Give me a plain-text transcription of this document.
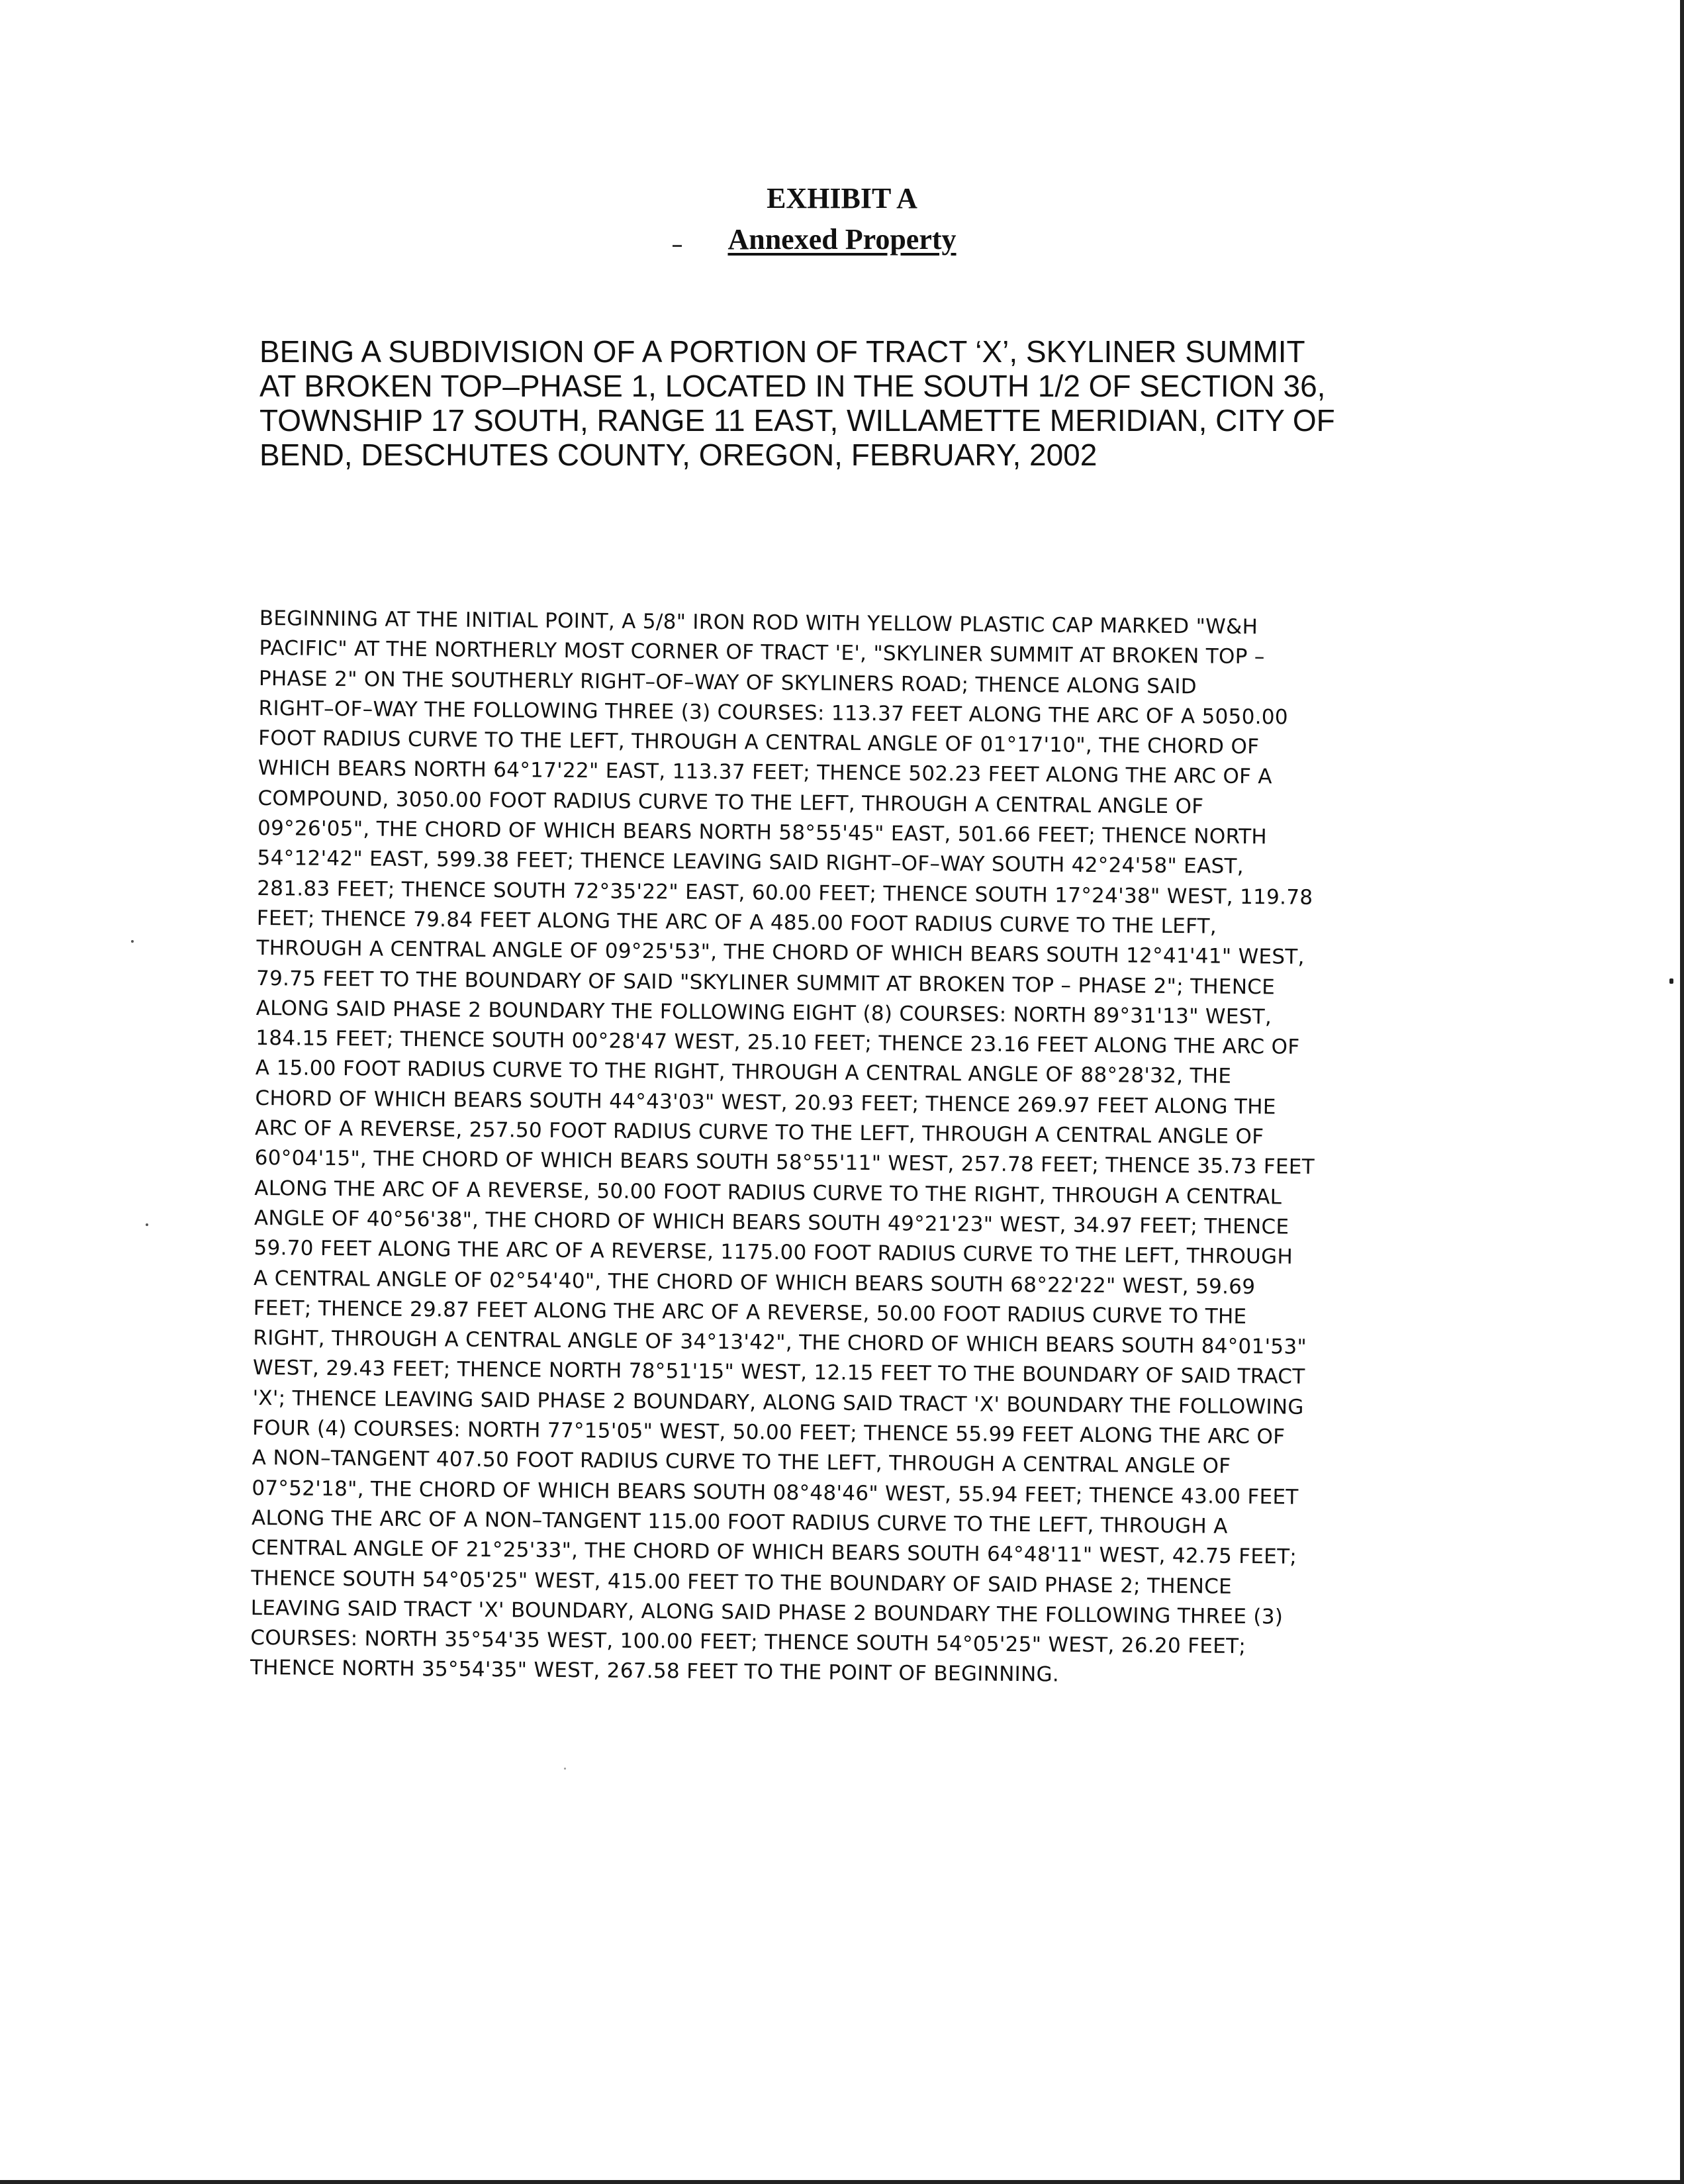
EXHIBIT A
Annexed Property
BEING A SUBDIVISION OF A PORTION OF TRACT ‘X’, SKYLINER SUMMIT
AT BROKEN TOP–PHASE 1, LOCATED IN THE SOUTH 1/2 OF SECTION 36,
TOWNSHIP 17 SOUTH, RANGE 11 EAST, WILLAMETTE MERIDIAN, CITY OF
BEND, DESCHUTES COUNTY, OREGON, FEBRUARY, 2002
BEGINNING AT THE INITIAL POINT, A 5/8" IRON ROD WITH YELLOW PLASTIC CAP MARKED "W&H
PACIFIC" AT THE NORTHERLY MOST CORNER OF TRACT 'E', "SKYLINER SUMMIT AT BROKEN TOP –
PHASE 2" ON THE SOUTHERLY RIGHT–OF–WAY OF SKYLINERS ROAD; THENCE ALONG SAID
RIGHT–OF–WAY THE FOLLOWING THREE (3) COURSES: 113.37 FEET ALONG THE ARC OF A 5050.00
FOOT RADIUS CURVE TO THE LEFT, THROUGH A CENTRAL ANGLE OF 01°17'10", THE CHORD OF
WHICH BEARS NORTH 64°17'22" EAST, 113.37 FEET; THENCE 502.23 FEET ALONG THE ARC OF A
COMPOUND, 3050.00 FOOT RADIUS CURVE TO THE LEFT, THROUGH A CENTRAL ANGLE OF
09°26'05", THE CHORD OF WHICH BEARS NORTH 58°55'45" EAST, 501.66 FEET; THENCE NORTH
54°12'42" EAST, 599.38 FEET; THENCE LEAVING SAID RIGHT–OF–WAY SOUTH 42°24'58" EAST,
281.83 FEET; THENCE SOUTH 72°35'22" EAST, 60.00 FEET; THENCE SOUTH 17°24'38" WEST, 119.78
FEET; THENCE 79.84 FEET ALONG THE ARC OF A 485.00 FOOT RADIUS CURVE TO THE LEFT,
THROUGH A CENTRAL ANGLE OF 09°25'53", THE CHORD OF WHICH BEARS SOUTH 12°41'41" WEST,
79.75 FEET TO THE BOUNDARY OF SAID "SKYLINER SUMMIT AT BROKEN TOP – PHASE 2"; THENCE
ALONG SAID PHASE 2 BOUNDARY THE FOLLOWING EIGHT (8) COURSES: NORTH 89°31'13" WEST,
184.15 FEET; THENCE SOUTH 00°28'47 WEST, 25.10 FEET; THENCE 23.16 FEET ALONG THE ARC OF
A 15.00 FOOT RADIUS CURVE TO THE RIGHT, THROUGH A CENTRAL ANGLE OF 88°28'32, THE
CHORD OF WHICH BEARS SOUTH 44°43'03" WEST, 20.93 FEET; THENCE 269.97 FEET ALONG THE
ARC OF A REVERSE, 257.50 FOOT RADIUS CURVE TO THE LEFT, THROUGH A CENTRAL ANGLE OF
60°04'15", THE CHORD OF WHICH BEARS SOUTH 58°55'11" WEST, 257.78 FEET; THENCE 35.73 FEET
ALONG THE ARC OF A REVERSE, 50.00 FOOT RADIUS CURVE TO THE RIGHT, THROUGH A CENTRAL
ANGLE OF 40°56'38", THE CHORD OF WHICH BEARS SOUTH 49°21'23" WEST, 34.97 FEET; THENCE
59.70 FEET ALONG THE ARC OF A REVERSE, 1175.00 FOOT RADIUS CURVE TO THE LEFT, THROUGH
A CENTRAL ANGLE OF 02°54'40", THE CHORD OF WHICH BEARS SOUTH 68°22'22" WEST, 59.69
FEET; THENCE 29.87 FEET ALONG THE ARC OF A REVERSE, 50.00 FOOT RADIUS CURVE TO THE
RIGHT, THROUGH A CENTRAL ANGLE OF 34°13'42", THE CHORD OF WHICH BEARS SOUTH 84°01'53"
WEST, 29.43 FEET; THENCE NORTH 78°51'15" WEST, 12.15 FEET TO THE BOUNDARY OF SAID TRACT
'X'; THENCE LEAVING SAID PHASE 2 BOUNDARY, ALONG SAID TRACT 'X' BOUNDARY THE FOLLOWING
FOUR (4) COURSES: NORTH 77°15'05" WEST, 50.00 FEET; THENCE 55.99 FEET ALONG THE ARC OF
A NON–TANGENT 407.50 FOOT RADIUS CURVE TO THE LEFT, THROUGH A CENTRAL ANGLE OF
07°52'18", THE CHORD OF WHICH BEARS SOUTH 08°48'46" WEST, 55.94 FEET; THENCE 43.00 FEET
ALONG THE ARC OF A NON–TANGENT 115.00 FOOT RADIUS CURVE TO THE LEFT, THROUGH A
CENTRAL ANGLE OF 21°25'33", THE CHORD OF WHICH BEARS SOUTH 64°48'11" WEST, 42.75 FEET;
THENCE SOUTH 54°05'25" WEST, 415.00 FEET TO THE BOUNDARY OF SAID PHASE 2; THENCE
LEAVING SAID TRACT 'X' BOUNDARY, ALONG SAID PHASE 2 BOUNDARY THE FOLLOWING THREE (3)
COURSES: NORTH 35°54'35 WEST, 100.00 FEET; THENCE SOUTH 54°05'25" WEST, 26.20 FEET;
THENCE NORTH 35°54'35" WEST, 267.58 FEET TO THE POINT OF BEGINNING.
